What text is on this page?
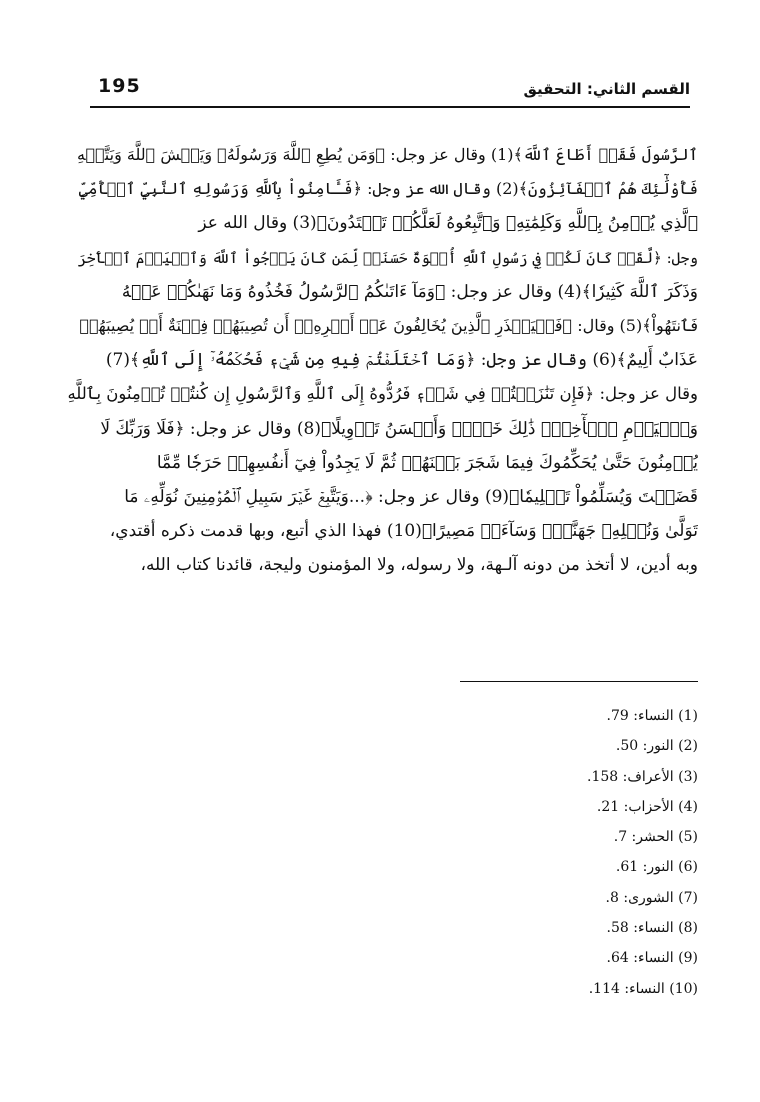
القسم الثاني: التحقيق
195
ٱلرَّسُولَ فَقَدۡ أَطَاعَ ٱللَّهَ﴾(1) وقال عز وجل: ﴿وَمَن يُطِعِ ٱللَّهَ وَرَسُولَهُۥ وَيَخۡشَ ٱللَّهَ وَيَتَّقۡهِ
فَأُوْلَٰٓئِكَ هُمُ ٱلۡفَآئِزُونَ﴾(2) وقال الله عز وجل: ﴿فَـَٔامِنُواْ بِٱللَّهِ وَرَسُولِهِ ٱلنَّبِيِّ ٱلۡأُمِّيِّ
ٱلَّذِي يُؤۡمِنُ بِٱللَّهِ وَكَلِمَٰتِهِۦ وَٱتَّبِعُوهُ لَعَلَّكُمۡ تَهۡتَدُونَ﴾(3) وقال الله عز
وجل: ﴿لَّقَدۡ كَانَ لَكُمۡ فِي رَسُولِ ٱللَّهِ أُسۡوَةٌ حَسَنَةٞ لِّمَن كَانَ يَرۡجُواْ ٱللَّهَ وَٱلۡيَوۡمَ ٱلۡأٓخِرَ
وَذَكَرَ ٱللَّهَ كَثِيرٗا﴾(4) وقال عز وجل: ﴿وَمَآ ءَاتَىٰكُمُ ٱلرَّسُولُ فَخُذُوهُ وَمَا نَهَىٰكُمۡ عَنۡهُ
فَٱنتَهُواْ﴾(5) وقال: ﴿فَلۡيَحۡذَرِ ٱلَّذِينَ يُخَالِفُونَ عَنۡ أَمۡرِهِۦٓ أَن تُصِيبَهُمۡ فِتۡنَةٌ أَوۡ يُصِيبَهُمۡ
عَذَابٌ أَلِيمٌ﴾(6) وقال عز وجل: ﴿وَمَا ٱخۡتَلَفۡتُمۡ فِيهِ مِن شَيۡءٖ فَحُكۡمُهُۥٓ إِلَى ٱللَّهِ﴾(7)
وقال عز وجل: ﴿فَإِن تَنَٰزَعۡتُمۡ فِي شَيۡءٖ فَرُدُّوهُ إِلَى ٱللَّهِ وَٱلرَّسُولِ إِن كُنتُمۡ تُؤۡمِنُونَ بِٱللَّهِ
وَٱلۡيَوۡمِ ٱلۡأٓخِرِۚ ذَٰلِكَ خَيۡرٞ وَأَحۡسَنُ تَأۡوِيلًا﴾(8) وقال عز وجل: ﴿فَلَا وَرَبِّكَ لَا
يُؤۡمِنُونَ حَتَّىٰ يُحَكِّمُوكَ فِيمَا شَجَرَ بَيۡنَهُمۡ ثُمَّ لَا يَجِدُواْ فِيٓ أَنفُسِهِمۡ حَرَجٗا مِّمَّا
قَضَيۡتَ وَيُسَلِّمُواْ تَسۡلِيمٗا﴾(9) وقال عز وجل: ﴿...وَيَتَّبِعۡ غَيۡرَ سَبِيلِ ٱلۡمُؤۡمِنِينَ نُوَلِّهِۦ مَا
تَوَلَّىٰ وَنُصۡلِهِۦ جَهَنَّمَۖ وَسَآءَتۡ مَصِيرًا﴾(10) فهذا الذي أتبع، وبها قدمت ذكره أقتدي،
وبه أدين، لا أتخذ من دونه آلـهة، ولا رسوله، ولا المؤمنون وليجة، قائدنا كتاب الله،
(1) النساء: 79.
(2) النور: 50.
(3) الأعراف: 158.
(4) الأحزاب: 21.
(5) الحشر: 7.
(6) النور: 61.
(7) الشورى: 8.
(8) النساء: 58.
(9) النساء: 64.
(10) النساء: 114.
